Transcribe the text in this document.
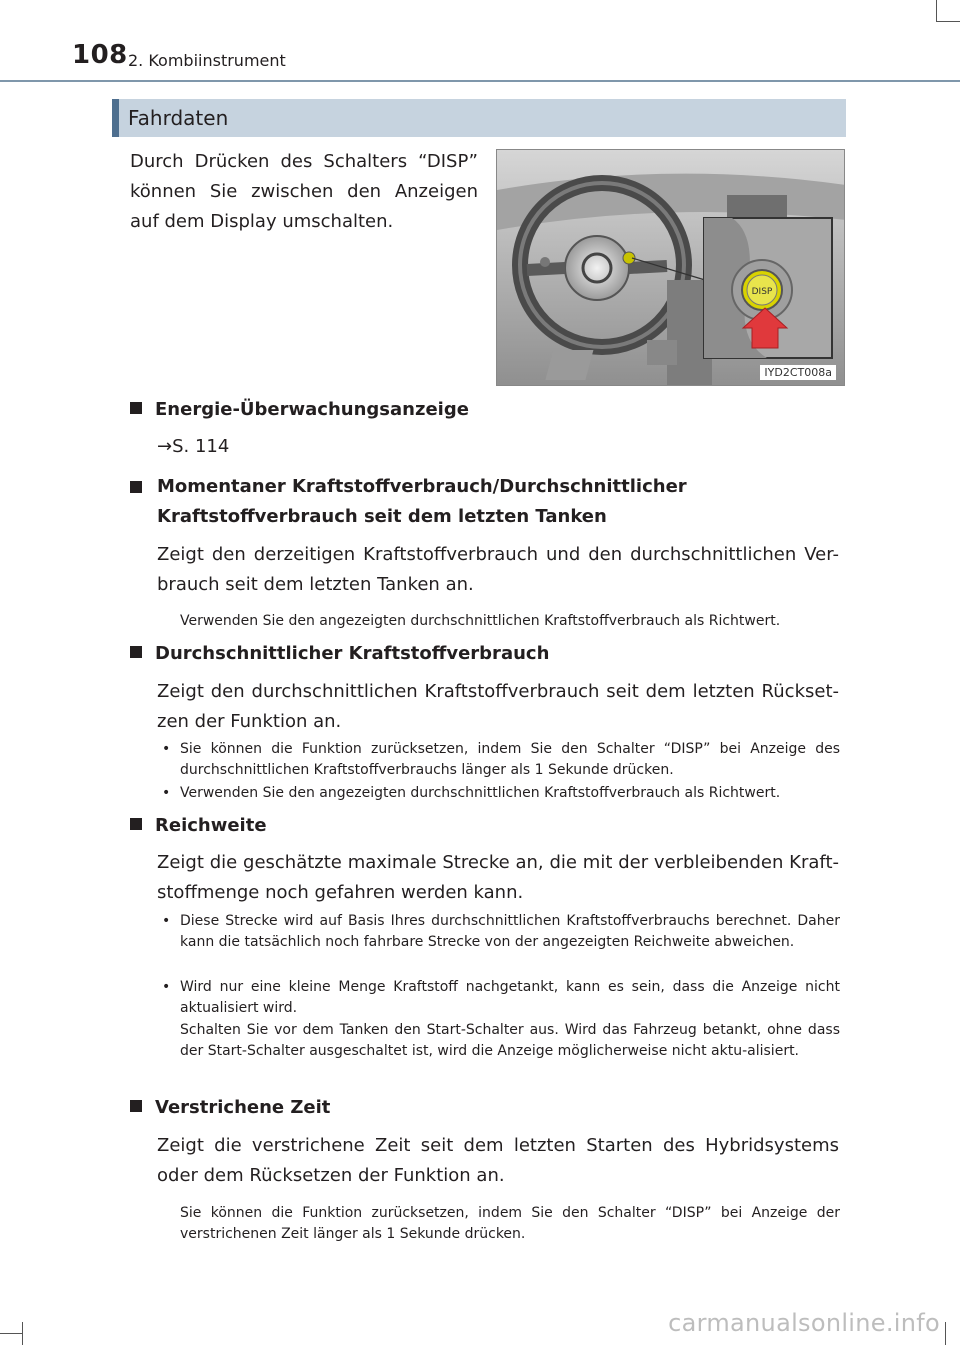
108 2. Kombiinstrument
Fahrdaten
Durch Drücken des Schalters “DISP” können Sie zwischen den Anzeigen auf dem Display umschalten.
DISP
IYD2CT008a
Energie-Überwachungsanzeige
→S. 114
Momentaner Kraftstoffverbrauch/Durchschnittlicher Kraftstoffverbrauch seit dem letzten Tanken
Zeigt den derzeitigen Kraftstoffverbrauch und den durchschnittlichen Ver-brauch seit dem letzten Tanken an.
Verwenden Sie den angezeigten durchschnittlichen Kraftstoffverbrauch als Richtwert.
Durchschnittlicher Kraftstoffverbrauch
Zeigt den durchschnittlichen Kraftstoffverbrauch seit dem letzten Rückset-zen der Funktion an.
• Sie können die Funktion zurücksetzen, indem Sie den Schalter “DISP” bei Anzeige des durchschnittlichen Kraftstoffverbrauchs länger als 1 Sekunde drücken.
• Verwenden Sie den angezeigten durchschnittlichen Kraftstoffverbrauch als Richtwert.
Reichweite
Zeigt die geschätzte maximale Strecke an, die mit der verbleibenden Kraft-stoffmenge noch gefahren werden kann.
• Diese Strecke wird auf Basis Ihres durchschnittlichen Kraftstoffverbrauchs berechnet. Daher kann die tatsächlich noch fahrbare Strecke von der angezeigten Reichweite abweichen.
• Wird nur eine kleine Menge Kraftstoff nachgetankt, kann es sein, dass die Anzeige nicht aktualisiert wird.
Schalten Sie vor dem Tanken den Start-Schalter aus. Wird das Fahrzeug betankt, ohne dass der Start-Schalter ausgeschaltet ist, wird die Anzeige möglicherweise nicht aktu-alisiert.
Verstrichene Zeit
Zeigt die verstrichene Zeit seit dem letzten Starten des Hybridsystems oder dem Rücksetzen der Funktion an.
Sie können die Funktion zurücksetzen, indem Sie den Schalter “DISP” bei Anzeige der verstrichenen Zeit länger als 1 Sekunde drücken.
carmanualsonline.info
